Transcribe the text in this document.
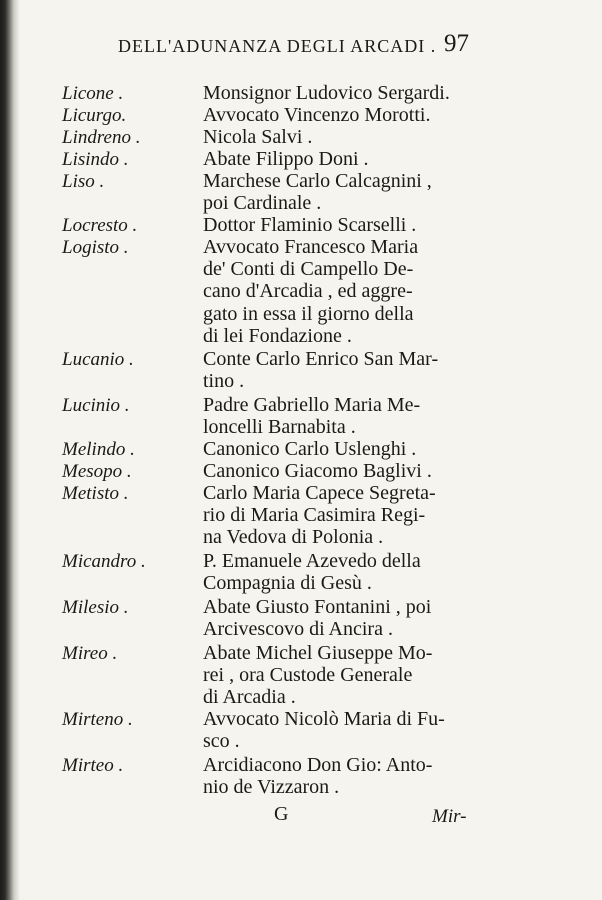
DELL'ADUNANZA DEGLI ARCADI . 97
Licone .	Monsignor Ludovico Sergardi.
Licurgo.	Avvocato Vincenzo Morotti.
Lindreno .	Nicola Salvi .
Lisindo .	Abate Filippo Doni .
Liso .	Marchese Carlo Calcagnini ,
poi Cardinale .
Locresto .	Dottor Flaminio Scarselli .
Logisto .	Avvocato Francesco Maria
de' Conti di Campello De-
cano d'Arcadia , ed aggre-
gato in essa il giorno della
di lei Fondazione .
Lucanio .	Conte Carlo Enrico San Mar-
tino .
Lucinio .	Padre Gabriello Maria Me-
loncelli Barnabita .
Melindo .	Canonico Carlo Uslenghi .
Mesopo .	Canonico Giacomo Baglivi .
Metisto .	Carlo Maria Capece Segreta-
rio di Maria Casimira Regi-
na Vedova di Polonia .
Micandro .	P. Emanuele Azevedo della
Compagnia di Gesù .
Milesio .	Abate Giusto Fontanini , poi
Arcivescovo di Ancira .
Mireo .	Abate Michel Giuseppe Mo-
rei , ora Custode Generale
di Arcadia .
Mirteno .	Avvocato Nicolò Maria di Fu-
sco .
Mirteo .	Arcidiacono Don Gio: Anto-
nio de Vizzaron .
G	Mir-
